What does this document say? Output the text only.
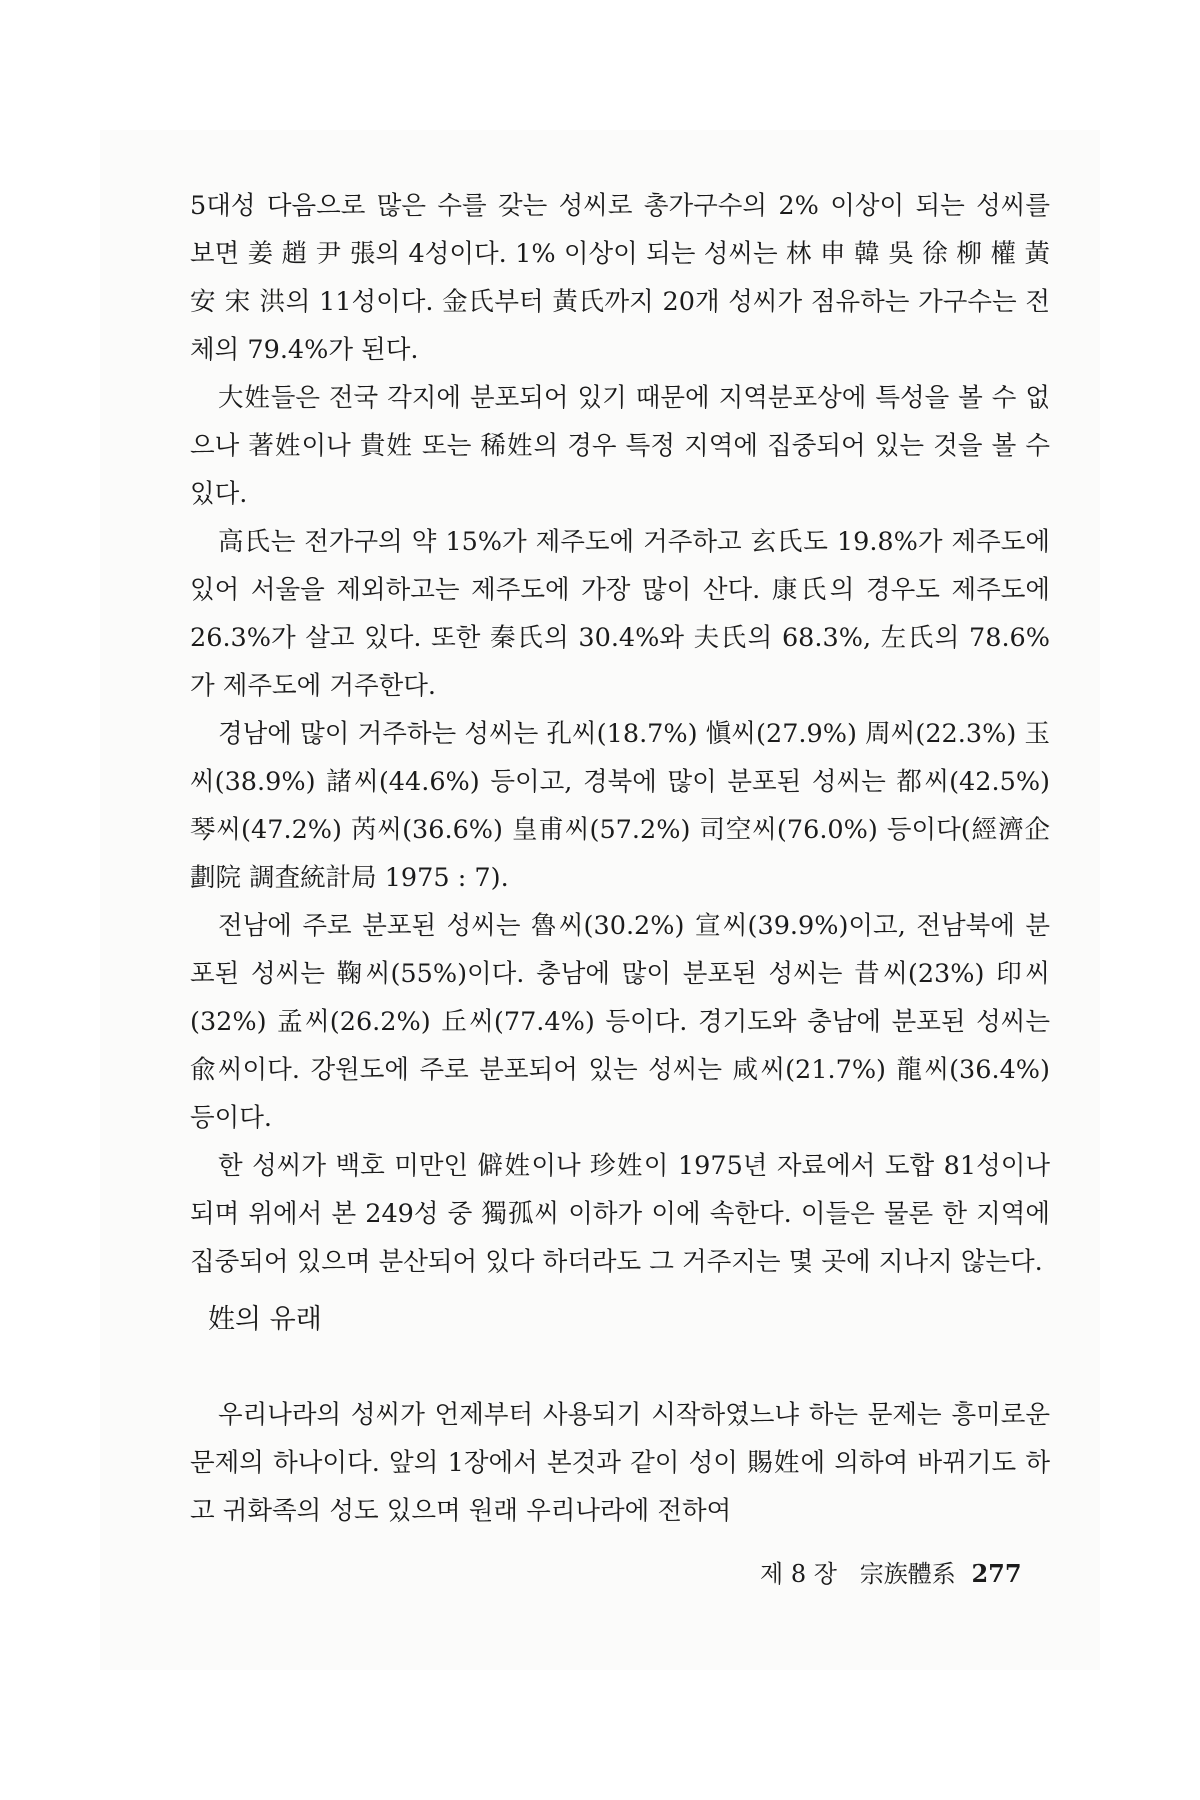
5대성 다음으로 많은 수를 갖는 성씨로 총가구수의 2% 이상이 되는 성씨를 보면 姜 趙 尹 張의 4성이다. 1% 이상이 되는 성씨는 林 申 韓 吳 徐 柳 權 黃 安 宋 洪의 11성이다. 金氏부터 黃氏까지 20개 성씨가 점유하는 가구수는 전체의 79.4%가 된다.

大姓들은 전국 각지에 분포되어 있기 때문에 지역분포상에 특성을 볼 수 없으나 著姓이나 貴姓 또는 稀姓의 경우 특정 지역에 집중되어 있는 것을 볼 수 있다.

高氏는 전가구의 약 15%가 제주도에 거주하고 玄氏도 19.8%가 제주도에 있어 서울을 제외하고는 제주도에 가장 많이 산다. 康氏의 경우도 제주도에 26.3%가 살고 있다. 또한 秦氏의 30.4%와 夫氏의 68.3%, 左氏의 78.6%가 제주도에 거주한다.

경남에 많이 거주하는 성씨는 孔씨(18.7%) 愼씨(27.9%) 周씨(22.3%) 玉씨(38.9%) 諸씨(44.6%) 등이고, 경북에 많이 분포된 성씨는 都씨(42.5%) 琴씨(47.2%) 芮씨(36.6%) 皇甫씨(57.2%) 司空씨(76.0%) 등이다(經濟企劃院 調査統計局 1975 : 7).

전남에 주로 분포된 성씨는 魯씨(30.2%) 宣씨(39.9%)이고, 전남북에 분포된 성씨는 鞠씨(55%)이다. 충남에 많이 분포된 성씨는 昔씨(23%) 印씨(32%) 孟씨(26.2%) 丘씨(77.4%) 등이다. 경기도와 충남에 분포된 성씨는 兪씨이다. 강원도에 주로 분포되어 있는 성씨는 咸씨(21.7%) 龍씨(36.4%) 등이다.

한 성씨가 백호 미만인 僻姓이나 珍姓이 1975년 자료에서 도합 81성이나 되며 위에서 본 249성 중 獨孤씨 이하가 이에 속한다. 이들은 물론 한 지역에 집중되어 있으며 분산되어 있다 하더라도 그 거주지는 몇 곳에 지나지 않는다.

姓의 유래

우리나라의 성씨가 언제부터 사용되기 시작하였느냐 하는 문제는 흥미로운 문제의 하나이다. 앞의 1장에서 본것과 같이 성이 賜姓에 의하여 바뀌기도 하고 귀화족의 성도 있으며 원래 우리나라에 전하여

제 8 장 宗族體系 277
